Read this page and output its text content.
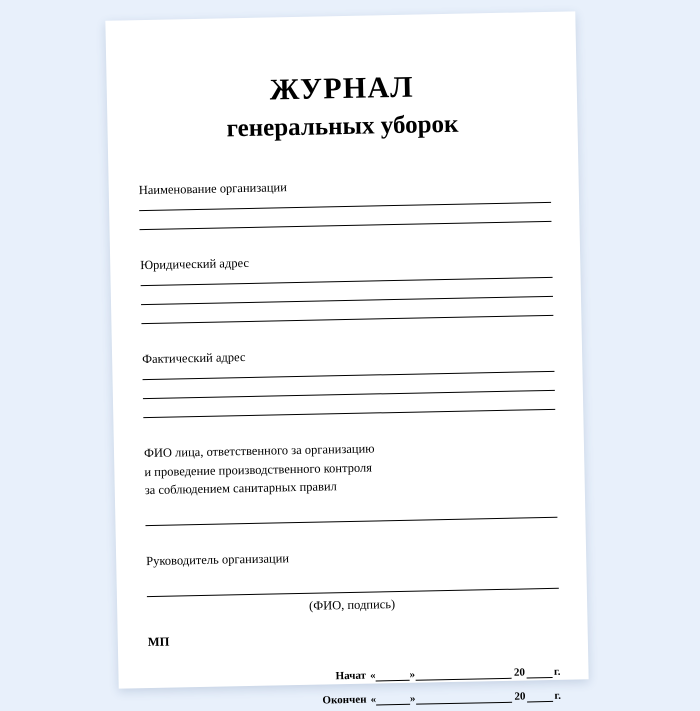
ЖУРНАЛ
генеральных уборок
Наименование организации
Юридический адрес
Фактический адрес
ФИО лица, ответственного за организацию
и проведение производственного контроля
за соблюдением санитарных правил
Руководитель организации
(ФИО, подпись)
МП
Начат «	»	20	г.
Окончен «	»	20	г.
